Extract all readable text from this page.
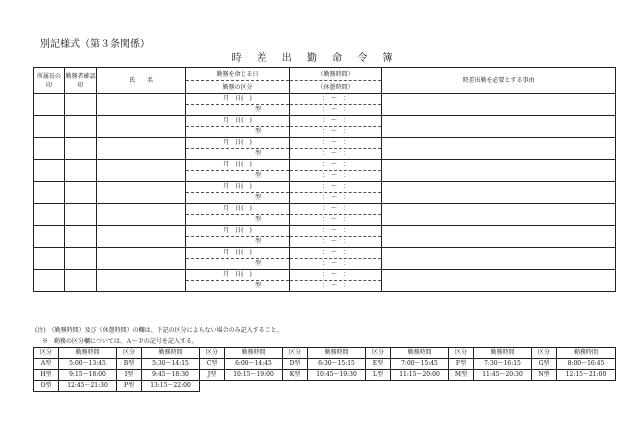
別記様式（第３条関係）
時 差 出 勤 命 令 簿
所属長の　印	勤務者確認印	氏　　名	勤務を命じる日	（勤務時間）	時差出勤を必要とする事由
			勤務の区分	（休憩時間）	
			月　日(　)	：　〜　：	
			型	：　〜　：	
			月　日(　)	：　〜　：	
			型	：　〜　：	
			月　日(　)	：　〜　：	
			型	：　〜　：	
			月　日(　)	：　〜　：	
			型	：　〜　：	
			月　日(　)	：　〜　：	
			型	：　〜　：	
			月　日(　)	：　〜　：	
			型	：　〜　：	
			月　日(　)	：　〜　：	
			型	：　〜　：	
			月　日(　)	：　〜　：	
			型	：　〜　：	
			月　日(　)	：　〜　：	
			型	：　〜　：	
(注)　（勤務時間）及び（休憩時間）の欄は、下記の区分によらない場合のみ記入すること。
※　勤務の区分欄については、Ａ〜Ｐの記号を記入する。
区分	勤務時間	区分	勤務時間	区分	勤務時間	区分	勤務時間	区分	勤務時間	区分	勤務時間	区分	勤務時間
A型	5:00〜13:45	B型	5:30〜14:15	C型	6:00〜14:45	D型	6:30〜15:15	E型	7:00〜15:45	F型	7:30〜16:15	G型	8:00〜16:45
H型	9:15〜18:00	I型	9:45〜18:30	J型	10:15〜19:00	K型	10:45〜19:30	L型	11:15〜20:00	M型	11:45〜20:30	N型	12:15〜21:00
O型	12:45〜21:30	P型	13:15〜22:00										
